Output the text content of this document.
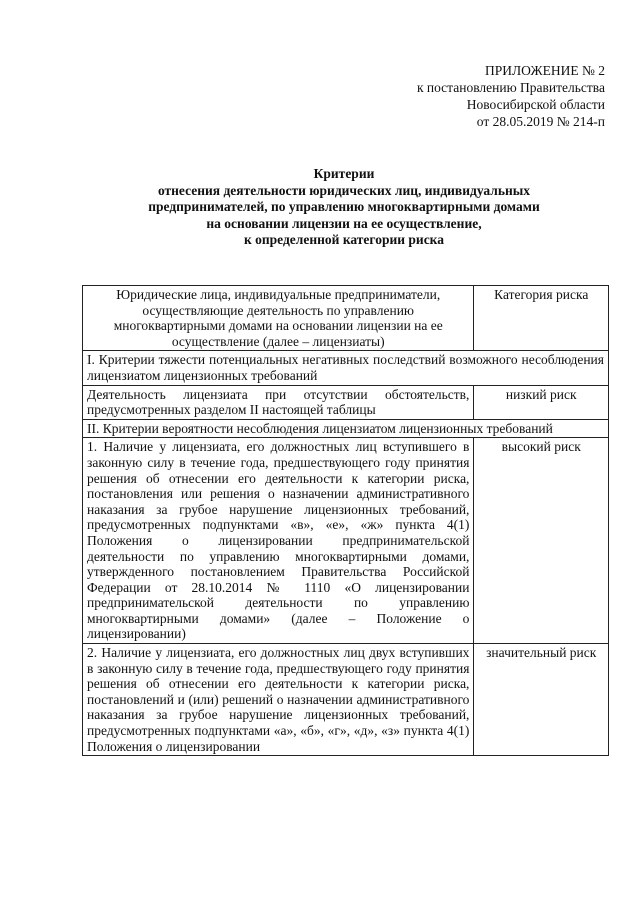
ПРИЛОЖЕНИЕ № 2
к постановлению Правительства
Новосибирской области
от 28.05.2019 № 214-п
Критерии
отнесения деятельности юридических лиц, индивидуальных
предпринимателей, по управлению многоквартирными домами
на основании лицензии на ее осуществление,
к определенной категории риска
Юридические лица, индивидуальные предприниматели, осуществляющие деятельность по управлению многоквартирными домами на основании лицензии на ее осуществление (далее – лицензиаты)	Категория риска
I. Критерии тяжести потенциальных негативных последствий возможного несоблюдения лицензиатом лицензионных требований	
Деятельность лицензиата при отсутствии обстоятельств, предусмотренных разделом II настоящей таблицы	низкий риск
II. Критерии вероятности несоблюдения лицензиатом лицензионных требований	
1. Наличие у лицензиата, его должностных лиц вступившего в законную силу в течение года, предшествующего году принятия решения об отнесении его деятельности к категории риска, постановления или решения о назначении административного наказания за грубое нарушение лицензионных требований, предусмотренных подпунктами «в», «е», «ж» пункта 4(1) Положения о лицензировании предпринимательской деятельности по управлению многоквартирными домами, утвержденного постановлением Правительства Российской Федерации от 28.10.2014 № 1110 «О лицензировании предпринимательской деятельности по управлению многоквартирными домами» (далее – Положение о лицензировании)	высокий риск
2. Наличие у лицензиата, его должностных лиц двух вступивших в законную силу в течение года, предшествующего году принятия решения об отнесении его деятельности к категории риска, постановлений и (или) решений о назначении административного наказания за грубое нарушение лицензионных требований, предусмотренных подпунктами «а», «б», «г», «д», «з» пункта 4(1) Положения о лицензировании	значительный риск
